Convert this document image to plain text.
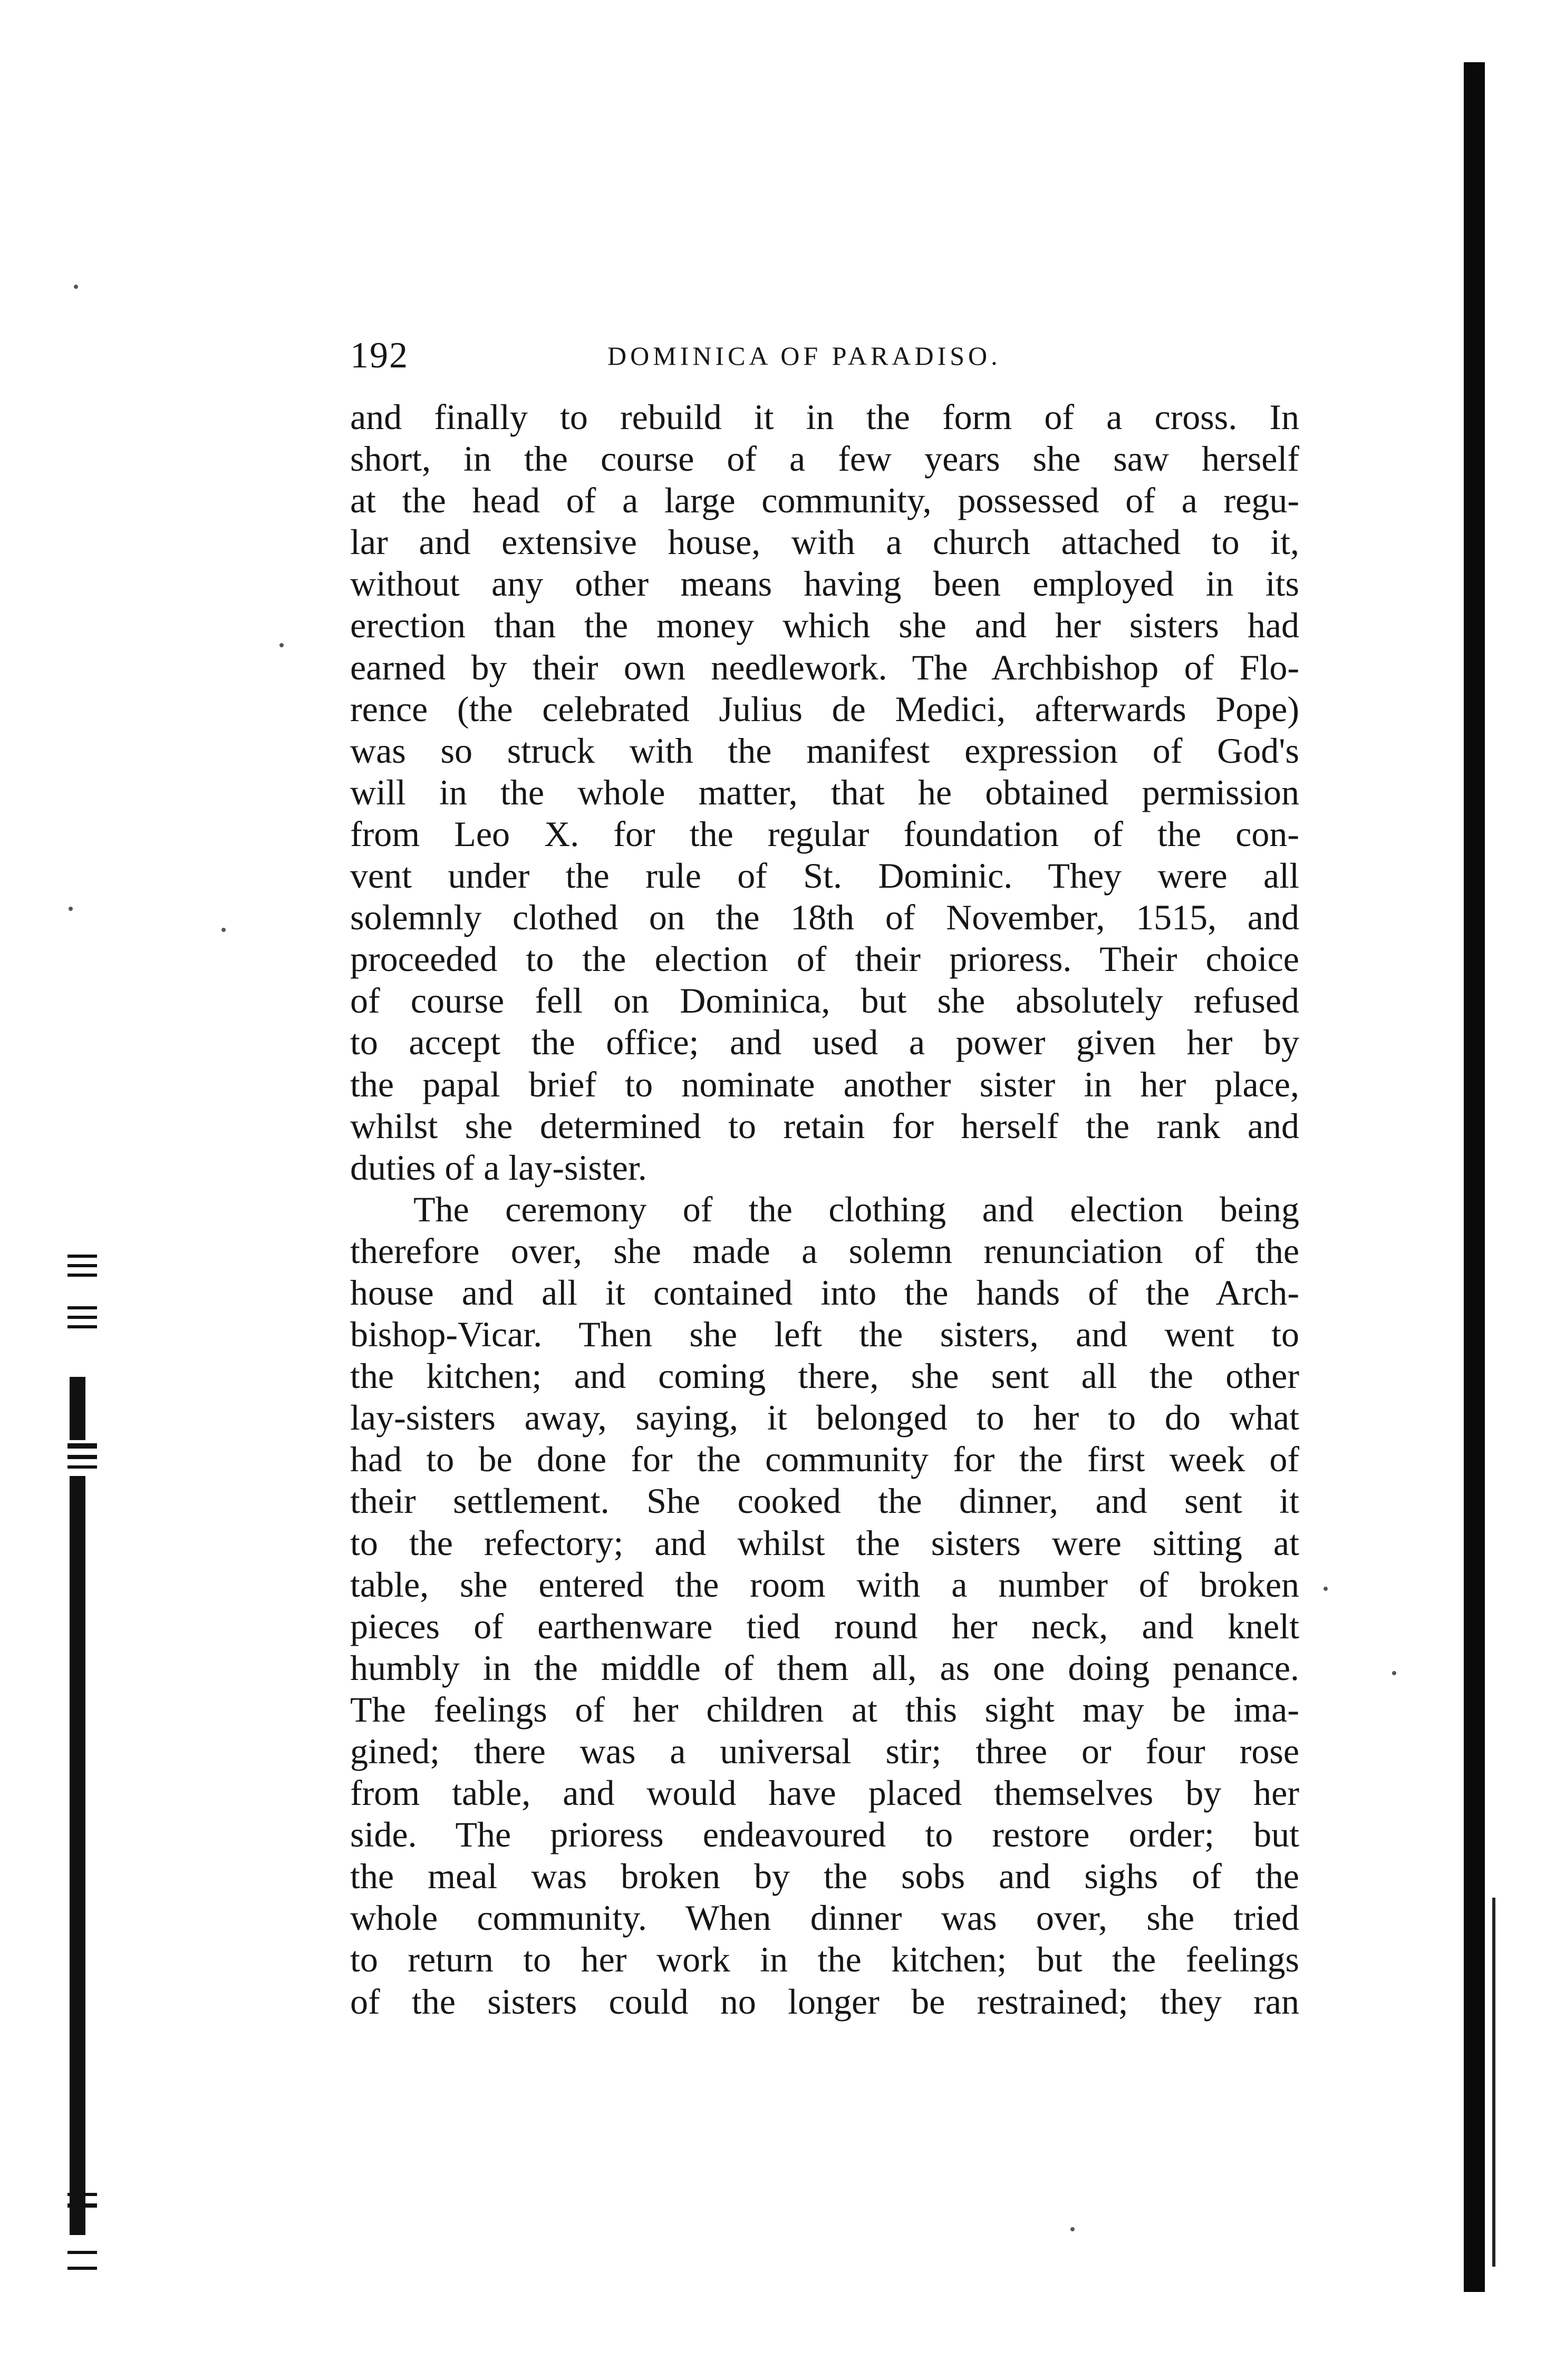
192	DOMINICA OF PARADISO.
and finally to rebuild it in the form of a cross. In
short, in the course of a few years she saw herself
at the head of a large community, possessed of a regu-
lar and extensive house, with a church attached to it,
without any other means having been employed in its
erection than the money which she and her sisters had
earned by their own needlework. The Archbishop of Flo-
rence (the celebrated Julius de Medici, afterwards Pope)
was so struck with the manifest expression of God's
will in the whole matter, that he obtained permission
from Leo X. for the regular foundation of the con-
vent under the rule of St. Dominic. They were all
solemnly clothed on the 18th of November, 1515, and
proceeded to the election of their prioress. Their choice
of course fell on Dominica, but she absolutely refused
to accept the office; and used a power given her by
the papal brief to nominate another sister in her place,
whilst she determined to retain for herself the rank and
duties of a lay-sister.
The ceremony of the clothing and election being
therefore over, she made a solemn renunciation of the
house and all it contained into the hands of the Arch-
bishop-Vicar. Then she left the sisters, and went to
the kitchen; and coming there, she sent all the other
lay-sisters away, saying, it belonged to her to do what
had to be done for the community for the first week of
their settlement. She cooked the dinner, and sent it
to the refectory; and whilst the sisters were sitting at
table, she entered the room with a number of broken
pieces of earthenware tied round her neck, and knelt
humbly in the middle of them all, as one doing penance.
The feelings of her children at this sight may be ima-
gined; there was a universal stir; three or four rose
from table, and would have placed themselves by her
side. The prioress endeavoured to restore order; but
the meal was broken by the sobs and sighs of the
whole community. When dinner was over, she tried
to return to her work in the kitchen; but the feelings
of the sisters could no longer be restrained; they ran
